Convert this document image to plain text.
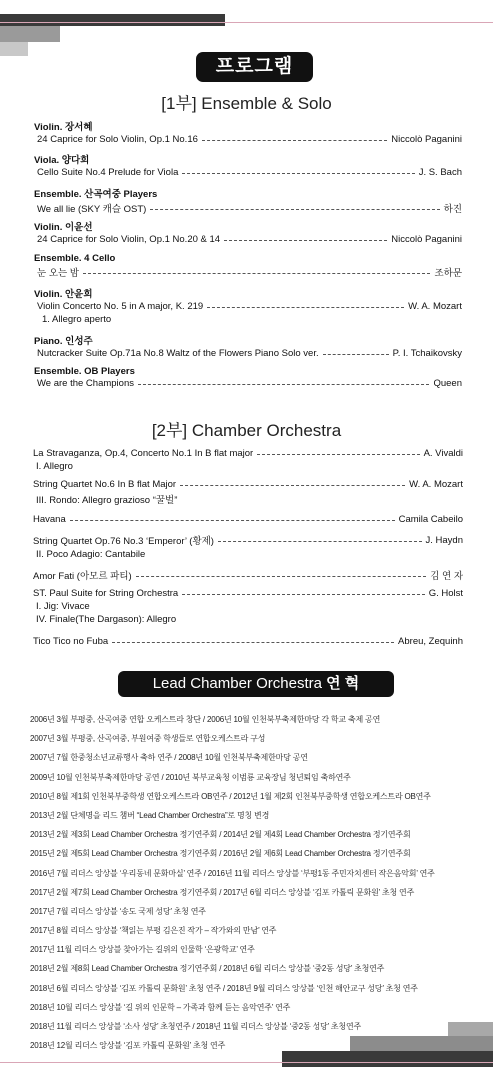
프로그램
[1부] Ensemble & Solo
Violin. 장서혜
24 Caprice for Solo Violin, Op.1 No.16	Niccolò Paganini
Viola. 양다희
Cello Suite No.4 Prelude for Viola	J. S. Bach
Ensemble. 산곡여중 Players
We all lie (SKY 캐슬 OST)	하진
Violin. 이윤선
24 Caprice for Solo Violin, Op.1 No.20 & 14	Niccolò Paganini
Ensemble. 4 Cello
눈 오는 밤	조하문
Violin. 안윤희
Violin Concerto No. 5 in A major, K. 219	W. A. Mozart
1. Allegro aperto
Piano. 인성주
Nutcracker Suite Op.71a No.8 Waltz of the Flowers Piano Solo ver.	P. I. Tchaikovsky
Ensemble. OB Players
We are the Champions	Queen
[2부] Chamber Orchestra
La Stravaganza, Op.4, Concerto No.1 In B flat major	A. Vivaldi
I. Allegro
String Quartet No.6 In B flat Major	W. A. Mozart
III. Rondo: Allegro grazioso “꿀벌”
Havana	Camila Cabeilo
String Quartet Op.76 No.3 ‘Emperor’ (황제)	J. Haydn
II. Poco Adagio: Cantabile
Amor Fati (아모르 파티)	김 연 자
ST. Paul Suite for String Orchestra	G. Holst
I. Jig: Vivace
IV. Finale(The Dargason): Allegro
Tico Tico no Fuba	Abreu, Zequinh
Lead Chamber Orchestra 연 혁
2006년 3월 부평중, 산곡여중 연합 오케스트라 창단 / 2006년 10월 인천북부축제한마당 각 학교 축제 공연
2007년 3월 부평중, 산곡여중, 부원여중 학생들로 연합오케스트라 구성
2007년 7월 한중청소년교류행사 축하 연주 / 2008년 10월 인천북부축제한마당 공연
2009년 10월 인천북부축제한마당 공연 / 2010년 북부교육청 이범룡 교육장님 청년퇴임 축하연주
2010년 8월 제1회 인천북부중학생 연합오케스트라 OB연주 / 2012년 1월 제2회 인천북부중학생 연합오케스트라 OB연주
2013년 2월 단체명을 리드 챔버 “Lead Chamber Orchestra”로 명칭 변경
2013년 2월 제3회 Lead Chamber Orchestra 정기연주회 / 2014년 2월 제4회 Lead Chamber Orchestra 정기연주회
2015년 2월 제5회 Lead Chamber Orchestra 정기연주회 / 2016년 2월 제6회 Lead Chamber Orchestra 정기연주회
2016년 7월 리더스 앙상블 ‘우리동네 문화마실’ 연주 / 2016년 11월 리더스 앙상블 ‘부평1동 주민자치센터 작은음악회’ 연주
2017년 2월 제7회 Lead Chamber Orchestra 정기연주회 / 2017년 6월 리더스 앙상블 ‘김포 카톨릭 문화원’ 초청 연주
2017년 7월 리더스 앙상블 ‘송도 국제 성당’ 초청 연주
2017년 8월 리더스 앙상블 ‘책읽는 부평 김은진 작가 – 작가와의 만남’ 연주
2017년 11월 리더스 앙상블 찾아가는 길위의 인물학 ‘은광학교’ 연주
2018년 2월 제8회 Lead Chamber Orchestra 정기연주회 / 2018년 6월 리더스 앙상블 ‘중2동 성당’ 초청연주
2018년 6월 리더스 앙상블 ‘김포 카톨릭 문화원’ 초청 연주 / 2018년 9월 리더스 앙상블 ‘인천 해안교구 성당’ 초청 연주
2018년 10월 리더스 앙상블 ‘길 위의 인문학 – 가족과 함께 듣는 음악연주’ 연주
2018년 11월 리더스 앙상블 ‘소사 성당’ 초청연주 / 2018년 11월 리더스 앙상블 ‘중2동 성당’ 초청연주
2018년 12월 리더스 앙상블 ‘김포 카톨릭 문화원’ 초청 연주
